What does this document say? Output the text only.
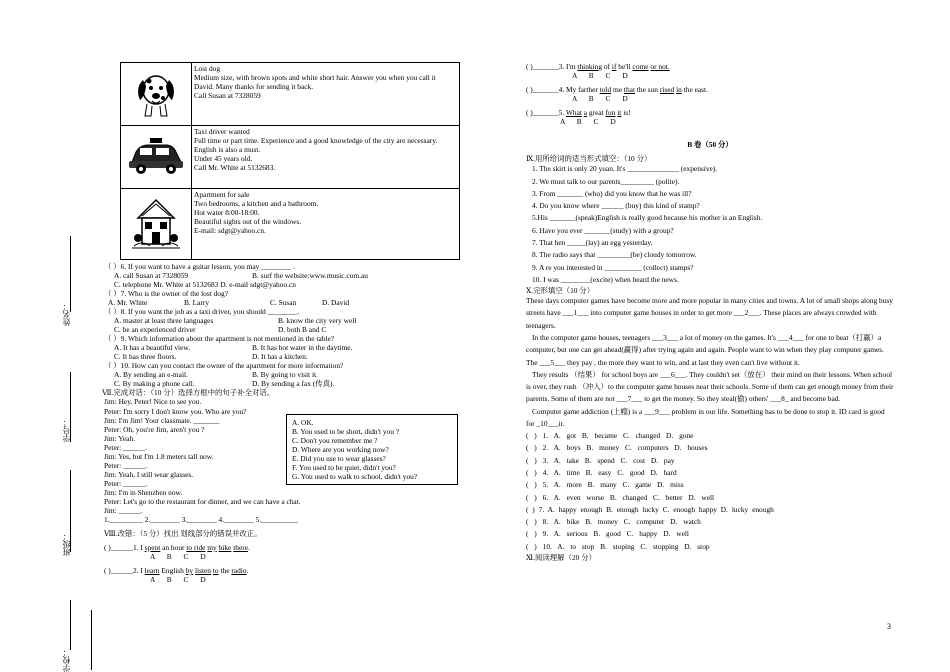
姓名：
学号：
班级：
学校：

Lost dog
Medium size, with brown spots and white short hair. Answer you when you call it David. Many thanks for sending it back.
Call Susan at 7328059

Taxi driver wanted
Full time or part time. Experience and a good knowledge of the city are necessary. English is also a must.
Under 45 years old.
Call Mr. White at 5132683.

Apartment for sale
Two bedrooms, a kitchen and a bathroom.
Hot water 8:00-18:00.
Beautiful sights out of the windows.
E-mail: sdgt@yahoo.cn.
（ ）6. If you want to have a guitar lesson, you may ________ .
A. call Susan at 7328059	B. surf the website:www.music.com.au
C. telephone Mr. White at 5132683 D. e-mail sdgt@yahoo.cn
（ ）7. Who is the owner of the lost dog?
A. Mr. White	B. Larry	C. Susan	D. David
（ ）8. If you want the job as a taxi driver, you should ________.
A. master at least three languages	B. know the city very well
C. be an experienced driver	D. both B and C
（ ）9. Which information about the apartment is not mentioned in the table?
A. It has a beautiful view.	B. It has hot water in the daytime.
C. It has three floors.	D. It has a kitchen.
（ ）10. How can you contact the owner of the apartment for more information?
A. By sending an e-mail.	B. By going to visit it.
C. By making a phone call.	D. By sending a fax (传真).
Ⅶ.完成对话：（10 分）选择方框中的句子补全对话。
Jim: Hey, Peter! Nice to see you.
Peter: I'm sorry I don't know you. Who are you?
Jim: I'm Jim! Your classmate. _______
Peter: Oh, you're Jim, aren't you ?
Jim: Yeah.
Peter: ______.
Jim: Yes, but I'm 1.8 meters tall now.
Peter: ______.
Jim: Yeah, I still wear glasses.
Peter: ______.
Jim: I'm in Shenzhen now.
Peter: Let's go to the restaurant for dinner, and we can have a chat.
Jim: ______.
1._________ 2.________ 3.________ 4.________ 5.__________
A. OK.
B. You used to be short, didn't you ?
C. Don't you remember me ?
D. Where are you working now?
E. Did you use to wear glasses?
F. You used to be quiet, didn't you?
G. You used to walk to school, didn't you?
Ⅷ.改错：（5 分）找出 划线部分的错误并改正。
( )______1. I spent an hour to ride my bike there.
A B C D
( )______2. I learn English by listen to the radio.
A B C D
( )_______3. I'm thinking of if he'll come or not.
A B C D
( )_______4. My farther told me that the sun rised in the east.
A B C D
( )_______5. What a great fun it is!
A B C D
B 卷（50 分）
Ⅸ.用所给词的适当形式填空：（10 分）
1. The skirt is only 20 yuan. It's ______________ (expensive).
2. We must talk to our parents_________ (polite).
3. From _______ (who) did you know that he was ill?
4. Do you know where ______ (buy) this kind of stamp?
5.His _______(speak)English is really good because his mother is an English.
6. Have you ever _______(study) with a group?
7. That hen _____(lay) an egg yesterday.
8. The radio says that _________(be) cloudy tomorrow.
9. A re you interested in __________ (collect) stamps?
10. I was ________(excite) when heard the news.
Ⅹ.完形填空（10 分）
These days computer games have become more and more popular in many cities and towns. A lot of small shops along busy streets have ___1___ into computer game houses in order to get more ___2___. These places are always crowded with teenagers.
In the computer game houses, teenagers ___3___ a lot of money on the games. It's ___4___ for one to beat（打赢）a computer, but one can get ahead(赢得) after trying again and again. People want to win when they play computer games. The ___5___ they pay , the more they want to win, and at last they even can't live without it.
They results （结果） for school boys are ___6___. They couldn't set（放在） their mind on their lessons. When school is over, they rush （冲入）to the computer game houses near their schools. Some of them can get enough money from their parents. Some of them are not ___7___ to get the money. So they steal(偷) others' ___8_ and become bad.
Computer game addiction (上瘾) is a ___9___ problem in our life. Something has to be done to stop it. ID card is good for _10___it.
( ) 1. A. got B. became C. changed D. gone
( ) 2. A. boys B. money C. computers D. houses
( ) 3. A. take B. spend C. cost D. pay
( ) 4. A. time B. easy C. good D. hard
( ) 5. A. more B. many C. game D. miss
( ) 6. A. even worse B. changed C. better D. well
( ) 7. A. happy enough B. enough lucky C. enough happy D. lucky enough
( ) 8. A. bike B. money C. computer D. watch
( ) 9. A. serious B. good C. happy D. well
( ) 10. A. to stop B. stoping C. stopping D. stop
Ⅺ.阅读理解（20 分）
3
